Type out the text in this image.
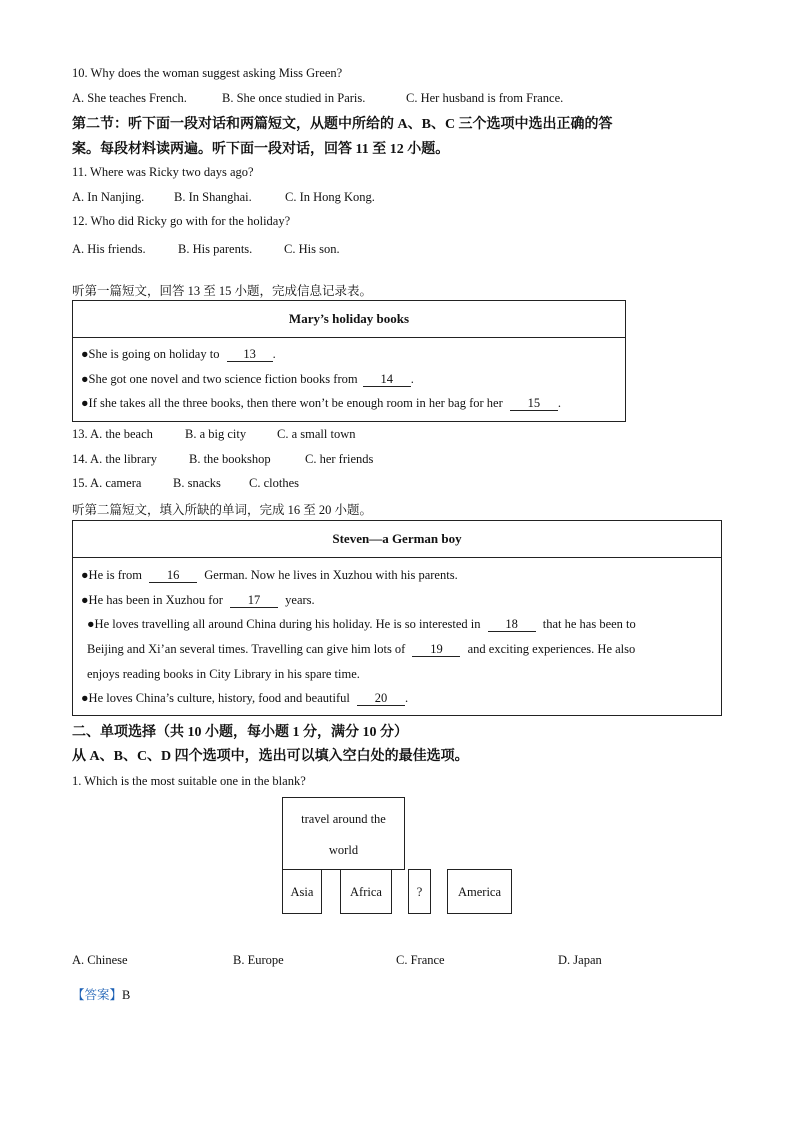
10. Why does the woman suggest asking Miss Green?
A. She teaches French.	B. She once studied in Paris.	C. Her husband is from France.
第二节：听下面一段对话和两篇短文，从题中所给的 A、B、C 三个选项中选出正确的答
案。每段材料读两遍。听下面一段对话，回答 11 至 12 小题。
11. Where was Ricky two days ago?
A. In Nanjing. B. In Shanghai.	C. In Hong Kong.
12. Who did Ricky go with for the holiday?
A. His friends.	B. His parents.	C. His son.
听第一篇短文，回答 13 至 15 小题，完成信息记录表。
Mary’s holiday books
●She is going on holiday to 13 .
●She got one novel and two science fiction books from 14 .
●If she takes all the three books, then there won’t be enough room in her bag for her 15 .
13. A. the beach	B. a big city C. a small town
14. A. the library	B. the bookshop	C. her friends
15. A. camera	B. snacks C. clothes
听第二篇短文，填入所缺的单词，完成 16 至 20 小题。
Steven—a German boy
●He is from 16 German. Now he lives in Xuzhou with his parents.
●He has been in Xuzhou for 17 years.
●He loves travelling all around China during his holiday. He is so interested in 18 that he has been to
Beijing and Xi’an several times. Travelling can give him lots of 19 and exciting experiences. He also
enjoys reading books in City Library in his spare time.
●He loves China’s culture, history, food and beautiful 20 .
二、单项选择（共 10 小题，每小题 1 分，满分 10 分）
从 A、B、C、D 四个选项中，选出可以填入空白处的最佳选项。
1. Which is the most suitable one in the blank?
travel around the
world
Asia	Africa	?	America
A. Chinese	B. Europe	C. France	D. Japan
【答案】B
